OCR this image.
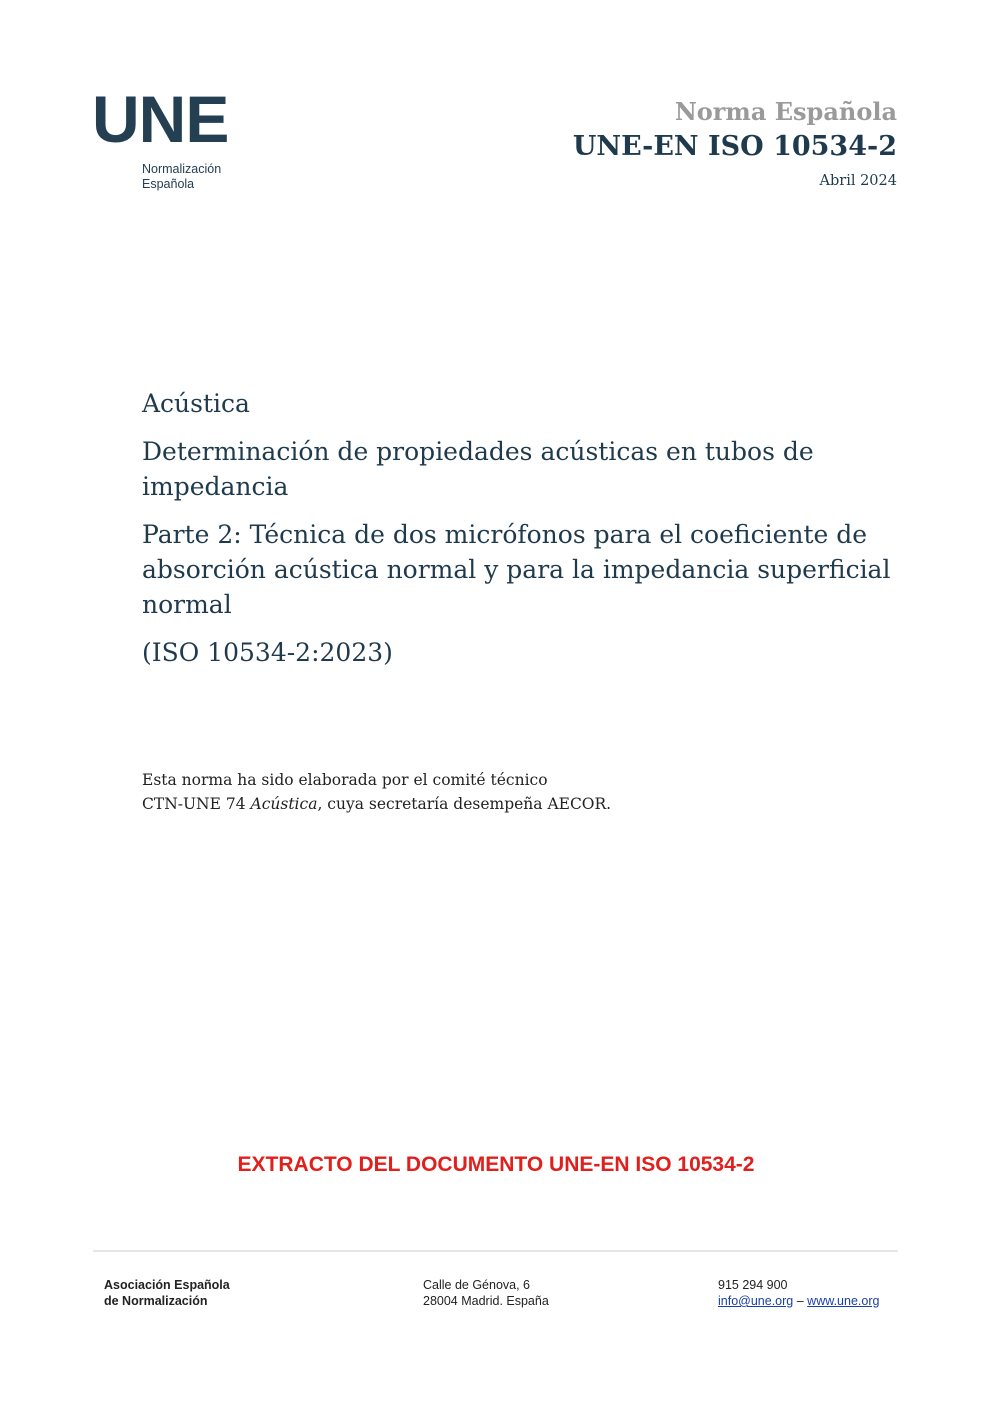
UNE
Normalización
Española
Norma Española
UNE-EN ISO 10534-2
Abril 2024

Acústica

Determinación de propiedades acústicas en tubos de impedancia

Parte 2: Técnica de dos micrófonos para el coeficiente de absorción acústica normal y para la impedancia superficial normal

(ISO 10534-2:2023)

Esta norma ha sido elaborada por el comité técnico
CTN-UNE 74 Acústica, cuya secretaría desempeña AECOR.
EXTRACTO DEL DOCUMENTO UNE-EN ISO 10534-2
Asociación Española
de Normalización
Calle de Génova, 6
28004 Madrid. España
915 294 900
info@une.org – www.une.org
